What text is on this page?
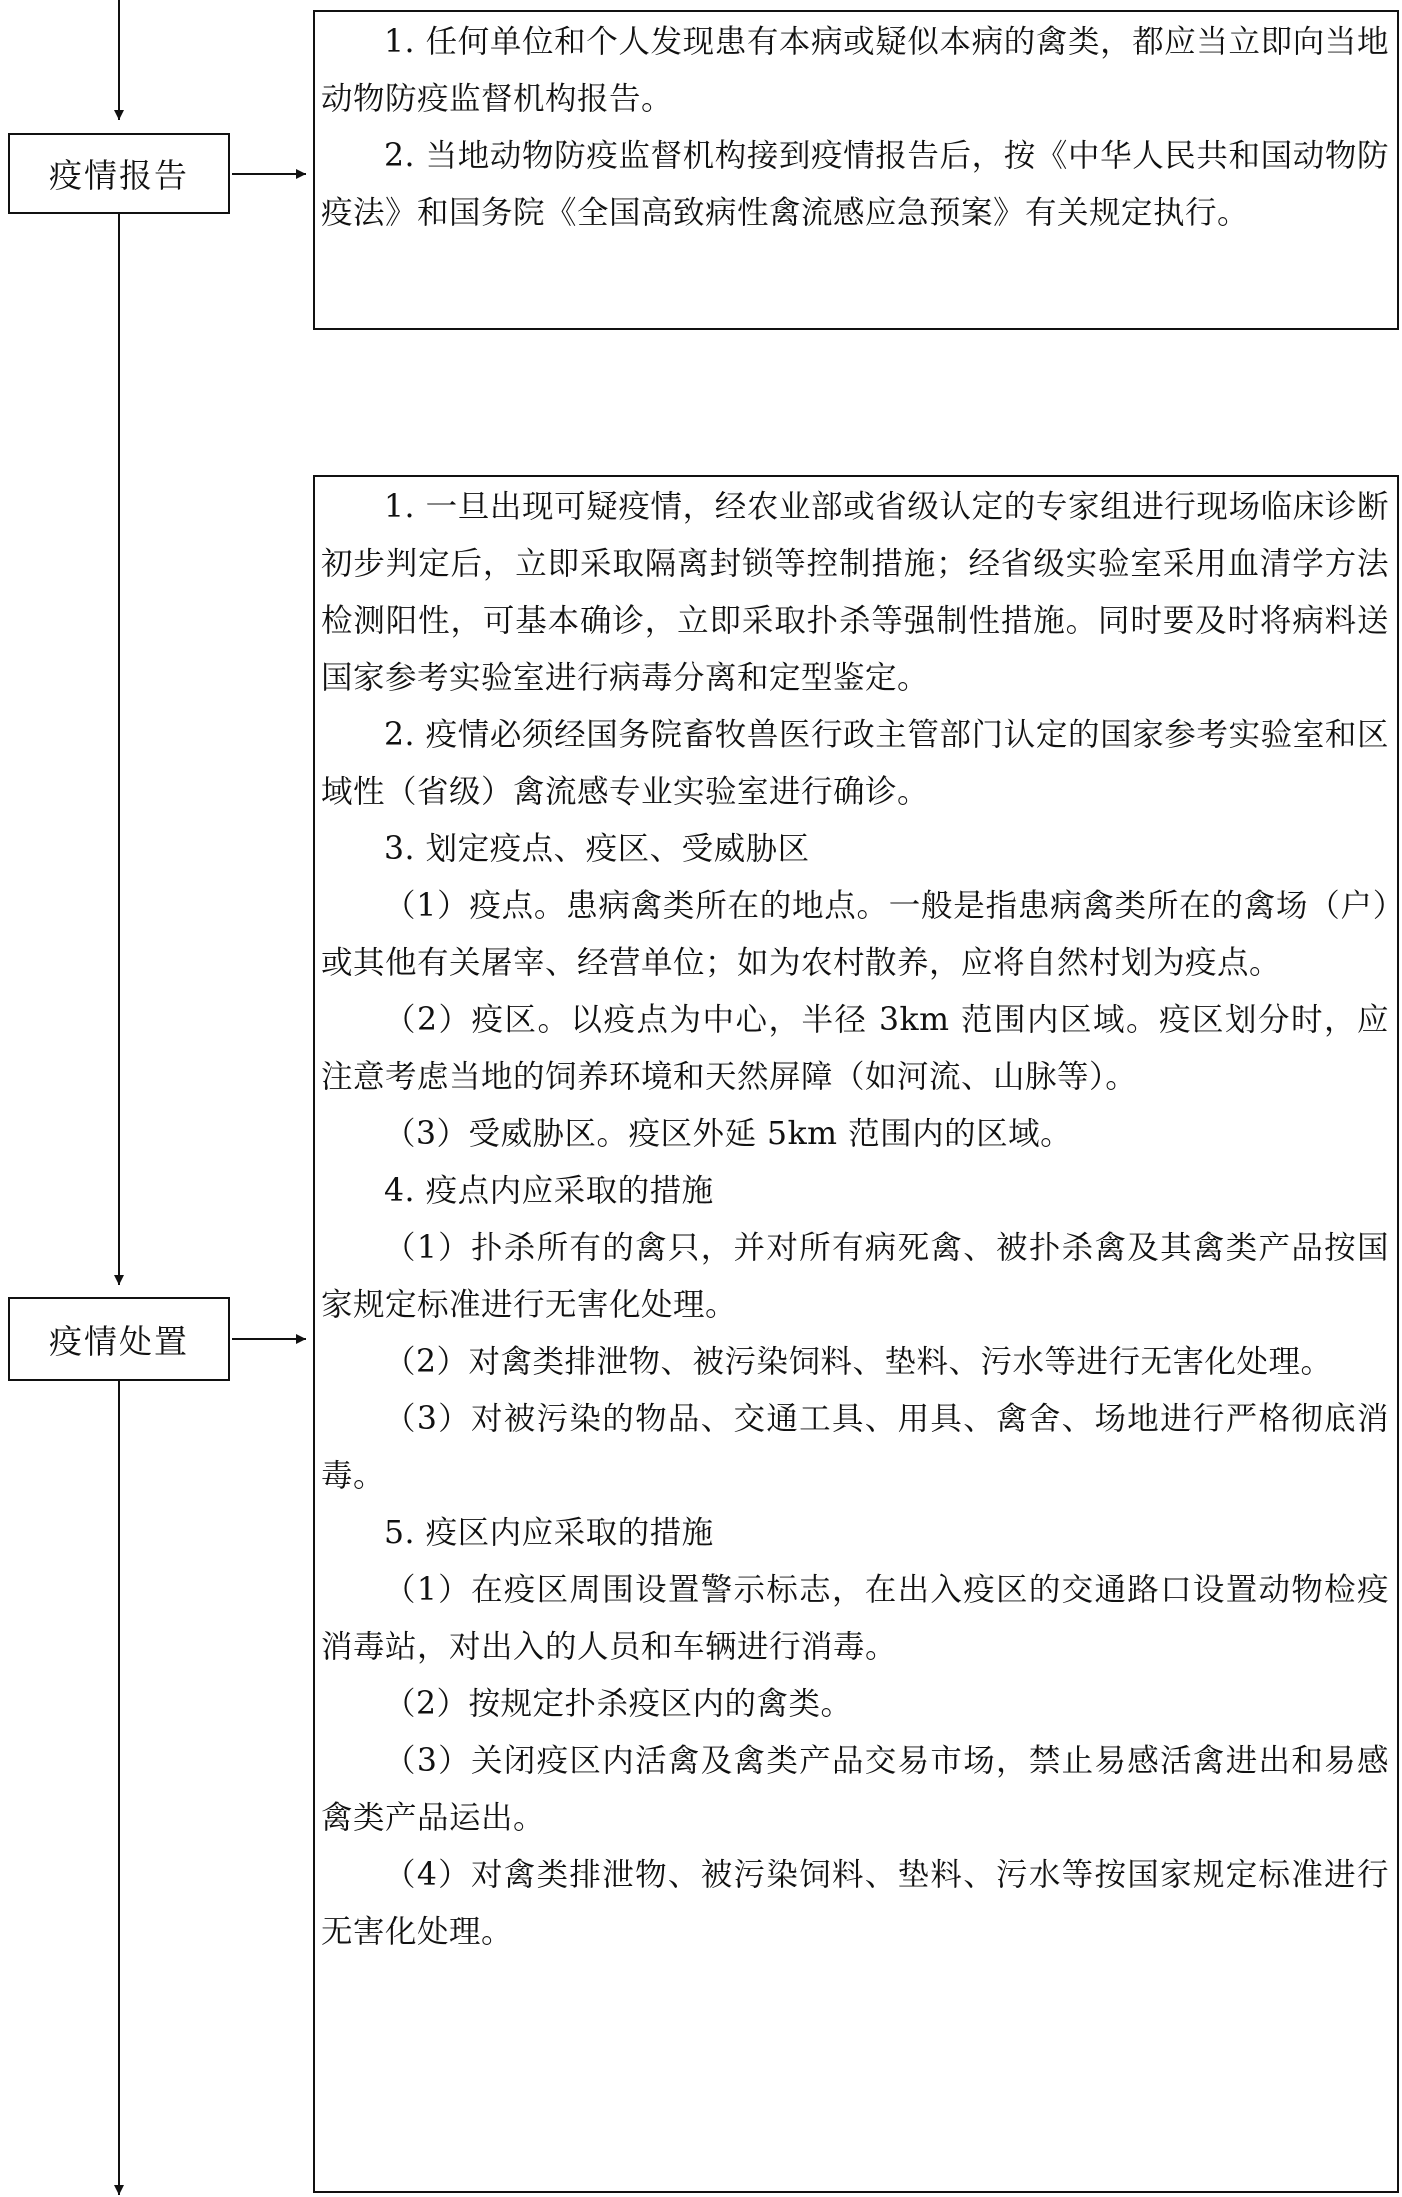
疫情报告

1. 任何单位和个人发现患有本病或疑似本病的禽类，都应当立即向当地动物防疫监督机构报告。

2. 当地动物防疫监督机构接到疫情报告后，按《中华人民共和国动物防疫法》和国务院《全国高致病性禽流感应急预案》有关规定执行。

疫情处置

1. 一旦出现可疑疫情，经农业部或省级认定的专家组进行现场临床诊断初步判定后，立即采取隔离封锁等控制措施；经省级实验室采用血清学方法检测阳性，可基本确诊，立即采取扑杀等强制性措施。同时要及时将病料送国家参考实验室进行病毒分离和定型鉴定。

2. 疫情必须经国务院畜牧兽医行政主管部门认定的国家参考实验室和区域性（省级）禽流感专业实验室进行确诊。

3. 划定疫点、疫区、受威胁区

（1）疫点。患病禽类所在的地点。一般是指患病禽类所在的禽场（户）或其他有关屠宰、经营单位；如为农村散养，应将自然村划为疫点。

（2）疫区。以疫点为中心，半径 3km 范围内区域。疫区划分时，应注意考虑当地的饲养环境和天然屏障（如河流、山脉等）。

（3）受威胁区。疫区外延 5km 范围内的区域。

4. 疫点内应采取的措施

（1）扑杀所有的禽只，并对所有病死禽、被扑杀禽及其禽类产品按国家规定标准进行无害化处理。

（2）对禽类排泄物、被污染饲料、垫料、污水等进行无害化处理。

（3）对被污染的物品、交通工具、用具、禽舍、场地进行严格彻底消毒。

5. 疫区内应采取的措施

（1）在疫区周围设置警示标志，在出入疫区的交通路口设置动物检疫消毒站，对出入的人员和车辆进行消毒。

（2）按规定扑杀疫区内的禽类。

（3）关闭疫区内活禽及禽类产品交易市场，禁止易感活禽进出和易感禽类产品运出。

（4）对禽类排泄物、被污染饲料、垫料、污水等按国家规定标准进行无害化处理。
